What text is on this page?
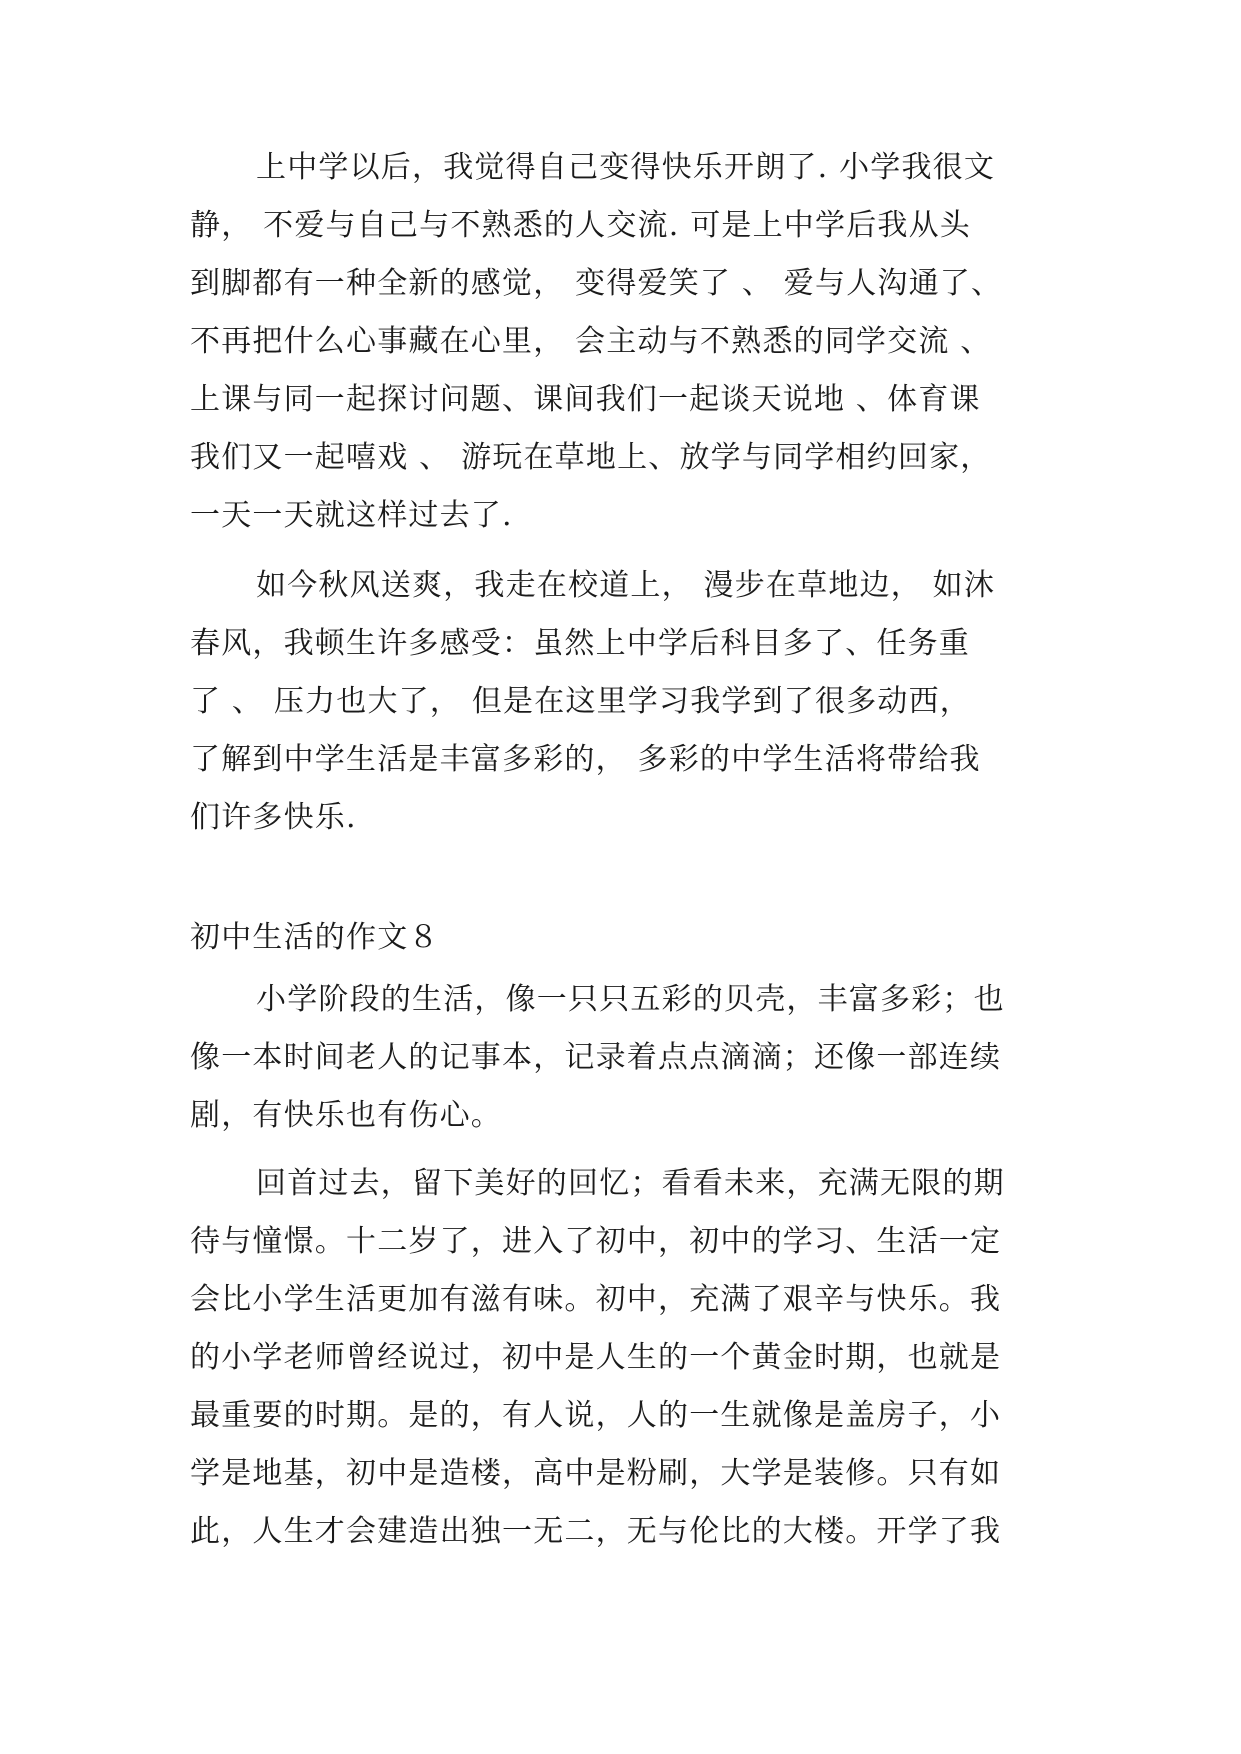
上中学以后，我觉得自己变得快乐开朗了. 小学我很文
静， 不爱与自己与不熟悉的人交流. 可是上中学后我从头
到脚都有一种全新的感觉， 变得爱笑了 、 爱与人沟通了、
不再把什么心事藏在心里， 会主动与不熟悉的同学交流 、
上课与同一起探讨问题、课间我们一起谈天说地 、体育课
我们又一起嘻戏 、 游玩在草地上、放学与同学相约回家，
一天一天就这样过去了.
如今秋风送爽，我走在校道上， 漫步在草地边， 如沐
春风，我顿生许多感受：虽然上中学后科目多了、任务重
了 、 压力也大了， 但是在这里学习我学到了很多动西，
了解到中学生活是丰富多彩的， 多彩的中学生活将带给我
们许多快乐.
初中生活的作文８
小学阶段的生活，像一只只五彩的贝壳，丰富多彩；也
像一本时间老人的记事本，记录着点点滴滴；还像一部连续
剧，有快乐也有伤心。
回首过去，留下美好的回忆；看看未来，充满无限的期
待与憧憬。十二岁了，进入了初中，初中的学习、生活一定
会比小学生活更加有滋有味。初中，充满了艰辛与快乐。我
的小学老师曾经说过，初中是人生的一个黄金时期，也就是
最重要的时期。是的，有人说，人的一生就像是盖房子，小
学是地基，初中是造楼，高中是粉刷，大学是装修。只有如
此，人生才会建造出独一无二，无与伦比的大楼。开学了我
